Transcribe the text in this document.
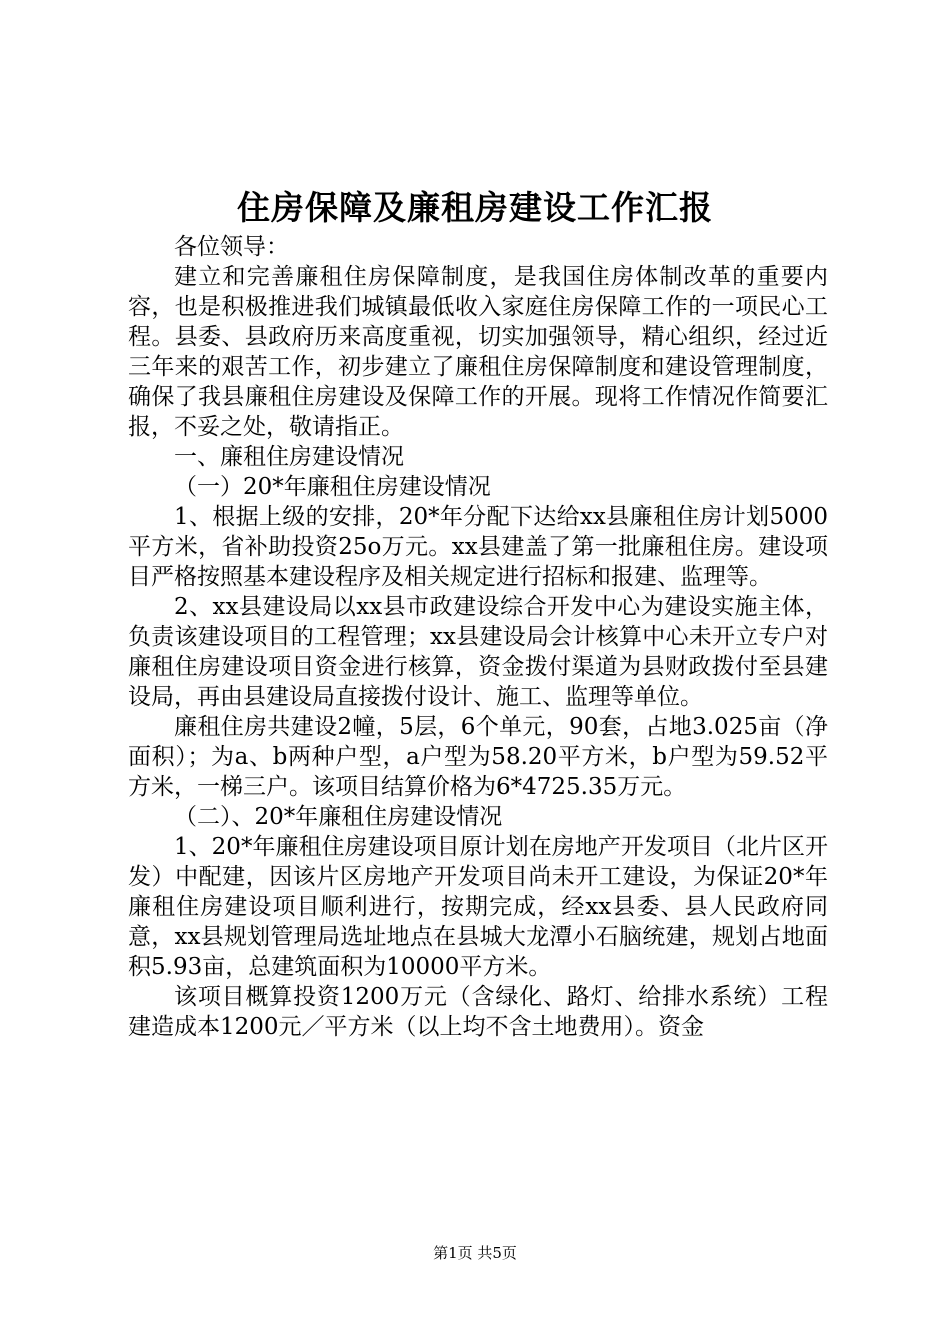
住房保障及廉租房建设工作汇报

各位领导：

建立和完善廉租住房保障制度，是我国住房体制改革的重要内容，也是积极推进我们城镇最低收入家庭住房保障工作的一项民心工程。县委、县政府历来高度重视，切实加强领导，精心组织，经过近三年来的艰苦工作，初步建立了廉租住房保障制度和建设管理制度，确保了我县廉租住房建设及保障工作的开展。现将工作情况作简要汇报，不妥之处，敬请指正。

一、廉租住房建设情况

（一）20*年廉租住房建设情况

1、根据上级的安排，20*年分配下达给xx县廉租住房计划5000平方米，省补助投资25o万元。xx县建盖了第一批廉租住房。建设项目严格按照基本建设程序及相关规定进行招标和报建、监理等。

2、xx县建设局以xx县市政建设综合开发中心为建设实施主体，负责该建设项目的工程管理；xx县建设局会计核算中心未开立专户对廉租住房建设项目资金进行核算，资金拨付渠道为县财政拨付至县建设局，再由县建设局直接拨付设计、施工、监理等单位。

廉租住房共建设2幢，5层，6个单元，90套，占地3.025亩（净面积）；为a、b两种户型，a户型为58.20平方米，b户型为59.52平方米，一梯三户。该项目结算价格为6*4725.35万元。

（二）、20*年廉租住房建设情况

1、20*年廉租住房建设项目原计划在房地产开发项目（北片区开发）中配建，因该片区房地产开发项目尚未开工建设，为保证20*年廉租住房建设项目顺利进行，按期完成，经xx县委、县人民政府同意，xx县规划管理局选址地点在县城大龙潭小石脑统建，规划占地面积5.93亩，总建筑面积为10000平方米。

该项目概算投资1200万元（含绿化、路灯、给排水系统）工程建造成本1200元／平方米（以上均不含土地费用）。资金

第1页 共5页
